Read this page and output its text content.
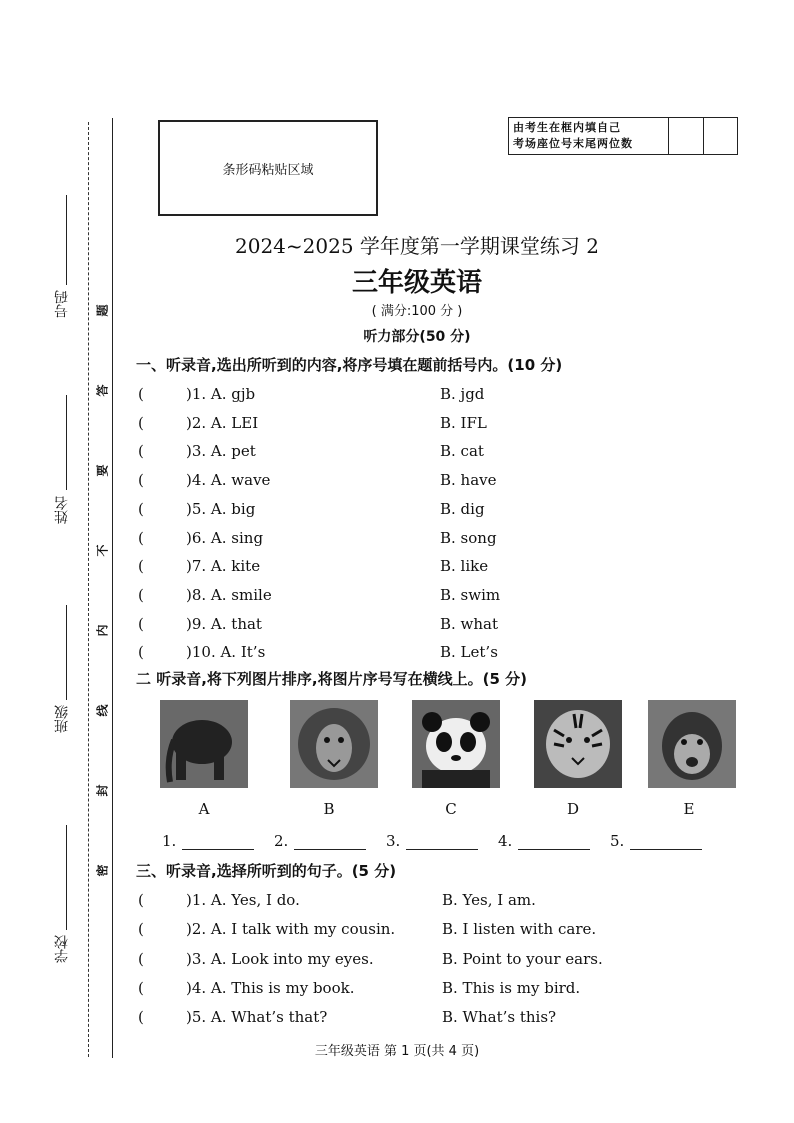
号码
姓名
班级
学校
题
答
要
不
内
线
封
密
条形码粘贴区域
由考生在框内填自己
考场座位号末尾两位数
2024~2025 学年度第一学期课堂练习 2
三年级英语
( 满分:100 分 )
听力部分(50 分)
一、听录音,选出所听到的内容,将序号填在题前括号内。(10 分)
(	)1. A. gjb	B. jgd
(	)2. A. LEI	B. IFL
(	)3. A. pet	B. cat
(	)4. A. wave	B. have
(	)5. A. big	B. dig
(	)6. A. sing	B. song
(	)7. A. kite	B. like
(	)8. A. smile	B. swim
(	)9. A. that	B. what
(	)10. A. It’s	B. Let’s
二 听录音,将下列图片排序,将图片序号写在横线上。(5 分)
A	B	C	D	E
1.	2.	3.	4.	5.
三、听录音,选择所听到的句子。(5 分)
(	)1. A. Yes, I do.	B. Yes, I am.
(	)2. A. I talk with my cousin.	B. I listen with care.
(	)3. A. Look into my eyes.	B. Point to your ears.
(	)4. A. This is my book.	B. This is my bird.
(	)5. A. What’s that?	B. What’s this?
三年级英语 第 1 页(共 4 页)
